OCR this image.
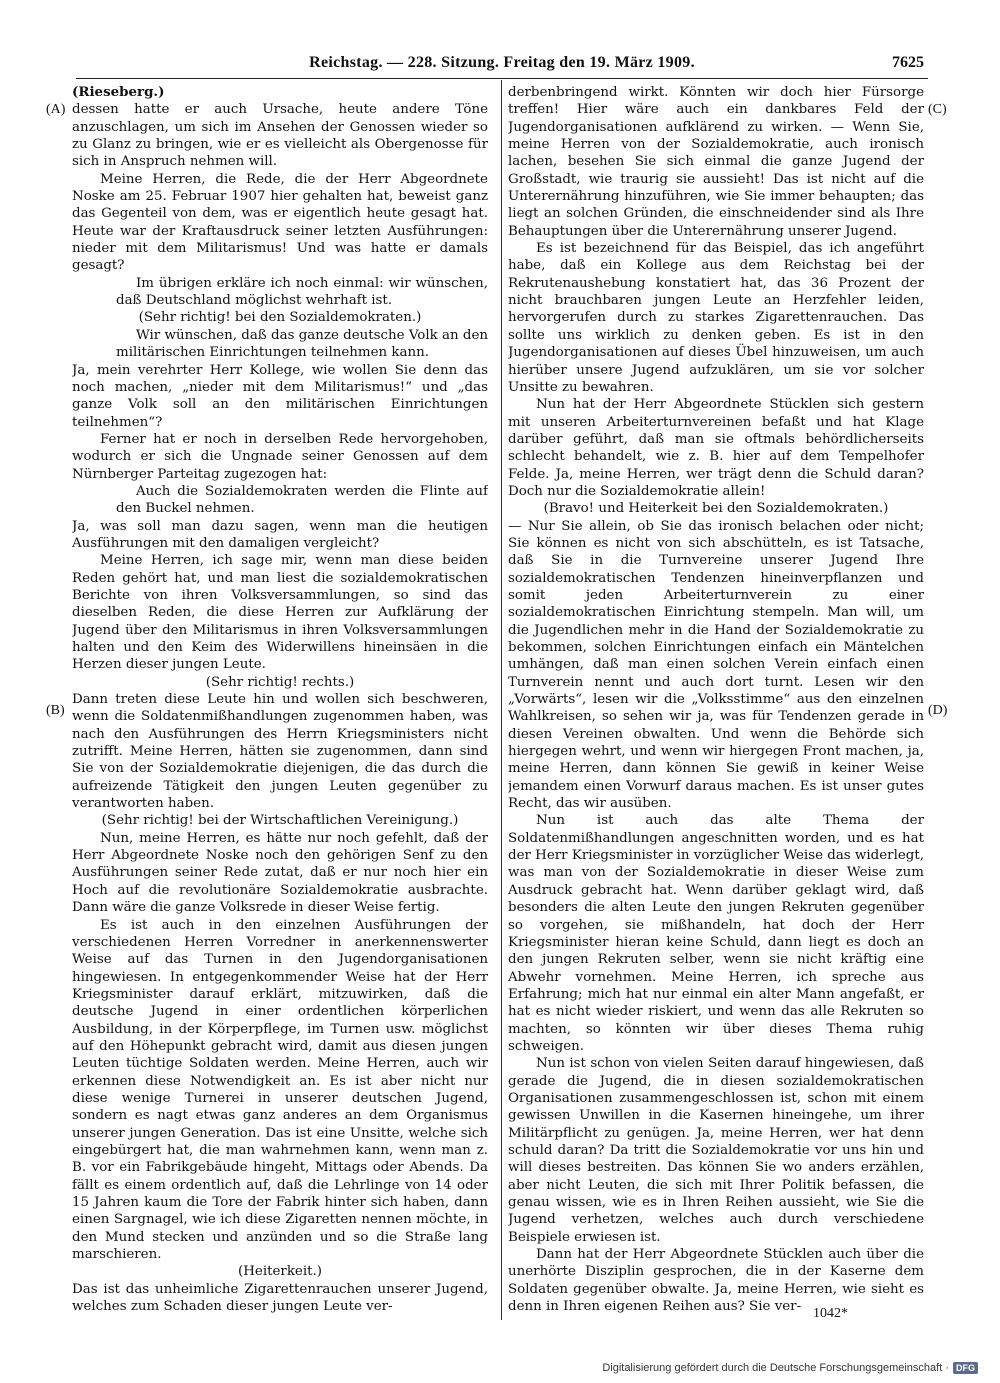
Reichstag. — 228. Sitzung. Freitag den 19. März 1909.	7625
(A)
(B)
(C)
(D)

(Rieseberg.)

dessen hatte er auch Ursache, heute andere Töne anzuschlagen, um sich im Ansehen der Genossen wieder so zu Glanz zu bringen, wie er es vielleicht als Obergenosse für sich in Anspruch nehmen will.

Meine Herren, die Rede, die der Herr Abgeordnete Noske am 25. Februar 1907 hier gehalten hat, beweist ganz das Gegenteil von dem, was er eigentlich heute gesagt hat. Heute war der Kraftausdruck seiner letzten Ausführungen: nieder mit dem Militarismus! Und was hatte er damals gesagt?

Im übrigen erkläre ich noch einmal: wir wünschen, daß Deutschland möglichst wehrhaft ist.

(Sehr richtig! bei den Sozialdemokraten.)

Wir wünschen, daß das ganze deutsche Volk an den militärischen Einrichtungen teilnehmen kann.

Ja, mein verehrter Herr Kollege, wie wollen Sie denn das noch machen, „nieder mit dem Militarismus!“ und „das ganze Volk soll an den militärischen Einrichtungen teilnehmen“?

Ferner hat er noch in derselben Rede hervorgehoben, wodurch er sich die Ungnade seiner Genossen auf dem Nürnberger Parteitag zugezogen hat:

Auch die Sozialdemokraten werden die Flinte auf den Buckel nehmen.

Ja, was soll man dazu sagen, wenn man die heutigen Ausführungen mit den damaligen vergleicht?

Meine Herren, ich sage mir, wenn man diese beiden Reden gehört hat, und man liest die sozialdemokratischen Berichte von ihren Volksversammlungen, so sind das dieselben Reden, die diese Herren zur Aufklärung der Jugend über den Militarismus in ihren Volksversammlungen halten und den Keim des Widerwillens hineinsäen in die Herzen dieser jungen Leute.

(Sehr richtig! rechts.)

Dann treten diese Leute hin und wollen sich beschweren, wenn die Soldatenmißhandlungen zugenommen haben, was nach den Ausführungen des Herrn Kriegsministers nicht zutrifft. Meine Herren, hätten sie zugenommen, dann sind Sie von der Sozialdemokratie diejenigen, die das durch die aufreizende Tätigkeit den jungen Leuten gegenüber zu verantworten haben.

(Sehr richtig! bei der Wirtschaftlichen Vereinigung.)

Nun, meine Herren, es hätte nur noch gefehlt, daß der Herr Abgeordnete Noske noch den gehörigen Senf zu den Ausführungen seiner Rede zutat, daß er nur noch hier ein Hoch auf die revolutionäre Sozialdemokratie ausbrachte. Dann wäre die ganze Volksrede in dieser Weise fertig.

Es ist auch in den einzelnen Ausführungen der verschiedenen Herren Vorredner in anerkennenswerter Weise auf das Turnen in den Jugendorganisationen hingewiesen. In entgegenkommender Weise hat der Herr Kriegsminister darauf erklärt, mitzuwirken, daß die deutsche Jugend in einer ordentlichen körperlichen Ausbildung, in der Körperpflege, im Turnen usw. möglichst auf den Höhepunkt gebracht wird, damit aus diesen jungen Leuten tüchtige Soldaten werden. Meine Herren, auch wir erkennen diese Notwendigkeit an. Es ist aber nicht nur diese wenige Turnerei in unserer deutschen Jugend, sondern es nagt etwas ganz anderes an dem Organismus unserer jungen Generation. Das ist eine Unsitte, welche sich eingebürgert hat, die man wahrnehmen kann, wenn man z. B. vor ein Fabrikgebäude hingeht, Mittags oder Abends. Da fällt es einem ordentlich auf, daß die Lehrlinge von 14 oder 15 Jahren kaum die Tore der Fabrik hinter sich haben, dann einen Sargnagel, wie ich diese Zigaretten nennen möchte, in den Mund stecken und anzünden und so die Straße lang marschieren.

(Heiterkeit.)

Das ist das unheimliche Zigarettenrauchen unserer Jugend, welches zum Schaden dieser jungen Leute ver-

derbenbringend wirkt. Könnten wir doch hier Fürsorge treffen! Hier wäre auch ein dankbares Feld der Jugendorganisationen aufklärend zu wirken. — Wenn Sie, meine Herren von der Sozialdemokratie, auch ironisch lachen, besehen Sie sich einmal die ganze Jugend der Großstadt, wie traurig sie aussieht! Das ist nicht auf die Unterernährung hinzuführen, wie Sie immer behaupten; das liegt an solchen Gründen, die einschneidender sind als Ihre Behauptungen über die Unterernährung unserer Jugend.

Es ist bezeichnend für das Beispiel, das ich angeführt habe, daß ein Kollege aus dem Reichstag bei der Rekrutenaushebung konstatiert hat, das 36 Prozent der nicht brauchbaren jungen Leute an Herzfehler leiden, hervorgerufen durch zu starkes Zigarettenrauchen. Das sollte uns wirklich zu denken geben. Es ist in den Jugendorganisationen auf dieses Übel hinzuweisen, um auch hierüber unsere Jugend aufzuklären, um sie vor solcher Unsitte zu bewahren.

Nun hat der Herr Abgeordnete Stücklen sich gestern mit unseren Arbeiterturnvereinen befaßt und hat Klage darüber geführt, daß man sie oftmals behördlicherseits schlecht behandelt, wie z. B. hier auf dem Tempelhofer Felde. Ja, meine Herren, wer trägt denn die Schuld daran? Doch nur die Sozialdemokratie allein!

(Bravo! und Heiterkeit bei den Sozialdemokraten.)

— Nur Sie allein, ob Sie das ironisch belachen oder nicht; Sie können es nicht von sich abschütteln, es ist Tatsache, daß Sie in die Turnvereine unserer Jugend Ihre sozialdemokratischen Tendenzen hineinverpflanzen und somit jeden Arbeiterturnverein zu einer sozialdemokratischen Einrichtung stempeln. Man will, um die Jugendlichen mehr in die Hand der Sozialdemokratie zu bekommen, solchen Einrichtungen einfach ein Mäntelchen umhängen, daß man einen solchen Verein einfach einen Turnverein nennt und auch dort turnt. Lesen wir den „Vorwärts“, lesen wir die „Volksstimme“ aus den einzelnen Wahlkreisen, so sehen wir ja, was für Tendenzen gerade in diesen Vereinen obwalten. Und wenn die Behörde sich hiergegen wehrt, und wenn wir hiergegen Front machen, ja, meine Herren, dann können Sie gewiß in keiner Weise jemandem einen Vorwurf daraus machen. Es ist unser gutes Recht, das wir ausüben.

Nun ist auch das alte Thema der Soldatenmißhandlungen angeschnitten worden, und es hat der Herr Kriegsminister in vorzüglicher Weise das widerlegt, was man von der Sozialdemokratie in dieser Weise zum Ausdruck gebracht hat. Wenn darüber geklagt wird, daß besonders die alten Leute den jungen Rekruten gegenüber so vorgehen, sie mißhandeln, hat doch der Herr Kriegsminister hieran keine Schuld, dann liegt es doch an den jungen Rekruten selber, wenn sie nicht kräftig eine Abwehr vornehmen. Meine Herren, ich spreche aus Erfahrung; mich hat nur einmal ein alter Mann angefaßt, er hat es nicht wieder riskiert, und wenn das alle Rekruten so machten, so könnten wir über dieses Thema ruhig schweigen.

Nun ist schon von vielen Seiten darauf hingewiesen, daß gerade die Jugend, die in diesen sozialdemokratischen Organisationen zusammengeschlossen ist, schon mit einem gewissen Unwillen in die Kasernen hineingehe, um ihrer Militärpflicht zu genügen. Ja, meine Herren, wer hat denn schuld daran? Da tritt die Sozialdemokratie vor uns hin und will dieses bestreiten. Das können Sie wo anders erzählen, aber nicht Leuten, die sich mit Ihrer Politik befassen, die genau wissen, wie es in Ihren Reihen aussieht, wie Sie die Jugend verhetzen, welches auch durch verschiedene Beispiele erwiesen ist.

Dann hat der Herr Abgeordnete Stücklen auch über die unerhörte Disziplin gesprochen, die in der Kaserne dem Soldaten gegenüber obwalte. Ja, meine Herren, wie sieht es denn in Ihren eigenen Reihen aus? Sie ver- 1042*
Digitalisierung gefördert durch die Deutsche Forschungsgemeinschaft · DFG
